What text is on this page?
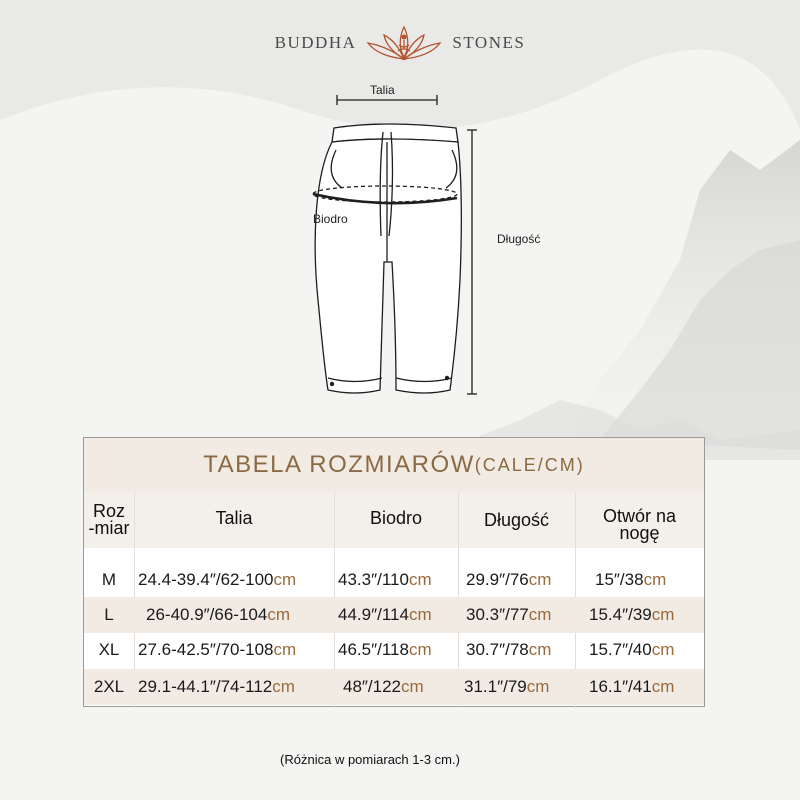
BUDDHA	STONES
Talia
Biodro
Długość
TABELA ROZMIARÓW (CALE/CM)
Roz
-miar	Talia	Biodro	Długość	Otwór na
nogę
M	24.4-39.4″/62-100 cm 43.3″/110 cm 29.9″/76 cm	15″/38 cm
L	26-40.9″/66-104 cm	44.9″/114 cm 30.3″/77 cm 15.4″/39 cm
XL	27.6-42.5″/70-108 cm 46.5″/118 cm 30.7″/78 cm 15.7″/40 cm
2XL 29.1-44.1″/74-112 cm	48″/122 cm 31.1″/79 cm 16.1″/41 cm
(Różnica w pomiarach 1-3 cm.)
